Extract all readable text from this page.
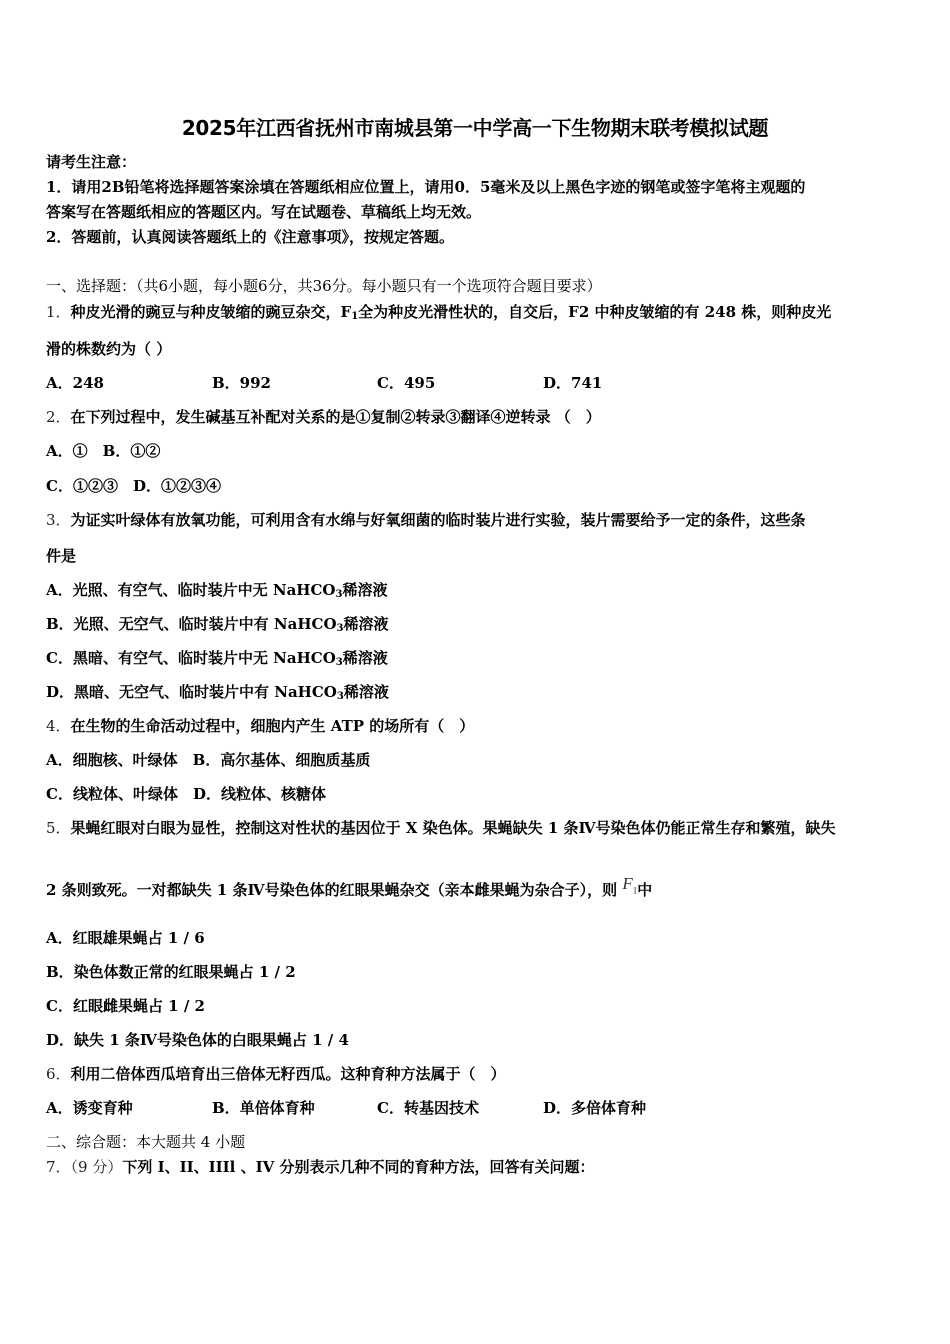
2025年江西省抚州市南城县第一中学高一下生物期末联考模拟试题
请考生注意：
1．请用2B铅笔将选择题答案涂填在答题纸相应位置上，请用0．5毫米及以上黑色字迹的钢笔或签字笔将主观题的
答案写在答题纸相应的答题区内。写在试题卷、草稿纸上均无效。
2．答题前，认真阅读答题纸上的《注意事项》，按规定答题。
一、选择题：（共6小题，每小题6分，共36分。每小题只有一个选项符合题目要求）
1．种皮光滑的豌豆与种皮皱缩的豌豆杂交，$F_1$全为种皮光滑性状的，自交后，F2 中种皮皱缩的有 248 株，则种皮光
滑的株数约为（ ）
A．248	B．992	C．495	D．741
2．在下列过程中，发生碱基互补配对关系的是①复制②转录③翻译④逆转录 （　）
A．①　B．①②
C．①②③　D．①②③④
3．为证实叶绿体有放氧功能，可利用含有水绵与好氧细菌的临时装片进行实验，装片需要给予一定的条件，这些条
件是
A．光照、有空气、临时装片中无 NaHCO$_3$稀溶液
B．光照、无空气、临时装片中有 NaHCO$_3$稀溶液
C．黑暗、有空气、临时装片中无 NaHCO$_3$稀溶液
D．黑暗、无空气、临时装片中有 NaHCO$_3$稀溶液
4．在生物的生命活动过程中，细胞内产生 ATP 的场所有（　）
A．细胞核、叶绿体　B．高尔基体、细胞质基质
C．线粒体、叶绿体　D．线粒体、核糖体
5．果蝇红眼对白眼为显性，控制这对性状的基因位于 X 染色体。果蝇缺失 1 条Ⅳ号染色体仍能正常生存和繁殖，缺失
2 条则致死。一对都缺失 1 条Ⅳ号染色体的红眼果蝇杂交（亲本雌果蝇为杂合子），则 $F_1$中
A．红眼雄果蝇占 1 / 6
B．染色体数正常的红眼果蝇占 1 / 2
C．红眼雌果蝇占 1 / 2
D．缺失 1 条Ⅳ号染色体的白眼果蝇占 1 / 4
6．利用二倍体西瓜培育出三倍体无籽西瓜。这种育种方法属于（　）
A．诱变育种	B．单倍体育种	C．转基因技术	D．多倍体育种
二、综合题：本大题共 4 小题
7．（9 分）下列 I、II、IIIl 、IV 分别表示几种不同的育种方法，回答有关问题：
